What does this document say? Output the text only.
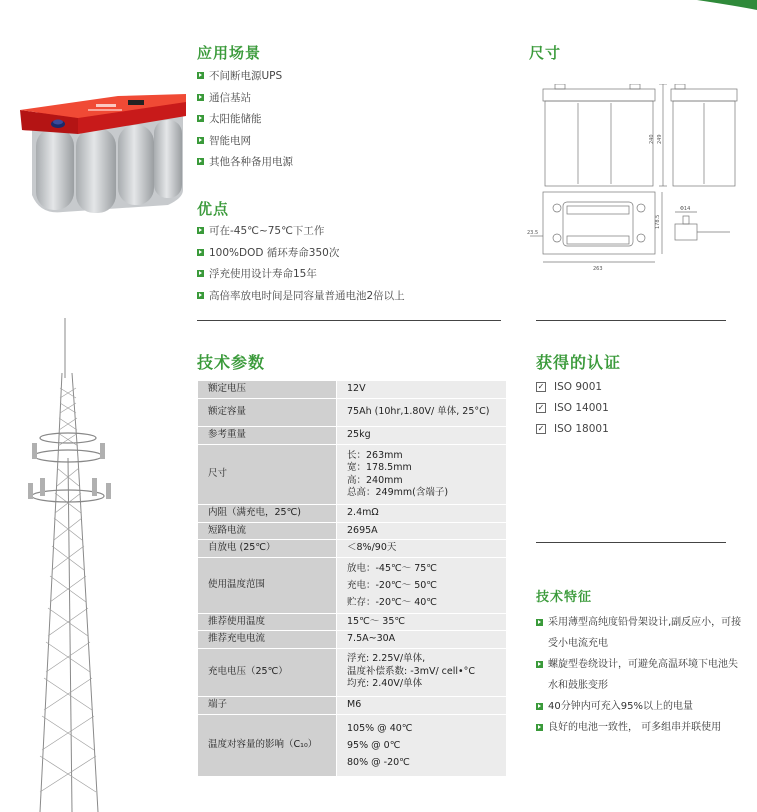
应用场景
不间断电源UPS
通信基站
太阳能储能
智能电网
其他各种备用电源
优点
可在-45℃~75℃下工作
100%DOD 循环寿命350次
浮充使用设计寿命15年
高倍率放电时间是同容量普通电池2倍以上
尺寸
240 249
263
178.5
23.5
Φ14
技术参数
额定电压	12V

额定容量	75Ah (10hr,1.80V/ 单体, 25°C)

参考重量	25kg

尺寸	长：263mm
宽：178.5mm
高：240mm
总高：249mm(含端子)

内阻（满充电，25℃)	2.4mΩ

短路电流	2695A

自放电 (25℃）	＜8%/90天

使用温度范围	放电：-45℃～ 75℃
充电：-20℃～ 50℃
贮存：-20℃～ 40℃

推荐使用温度	15℃～ 35℃

推荐充电电流	7.5A~30A

充电电压（25℃）	浮充: 2.25V/单体,
温度补偿系数: -3mV/ cell•°C
均充: 2.40V/单体

端子	M6

温度对容量的影响（C₁₀）	105% @ 40℃
95% @ 0℃
80% @ -20℃
获得的认证
✓ ISO 9001
✓ ISO 14001
✓ ISO 18001
技术特征
采用薄型高纯度铅骨架设计,副反应小，可接受小电流充电
螺旋型卷绕设计，可避免高温环境下电池失水和鼓胀变形
40分钟内可充入95%以上的电量
良好的电池一致性， 可多组串并联使用
